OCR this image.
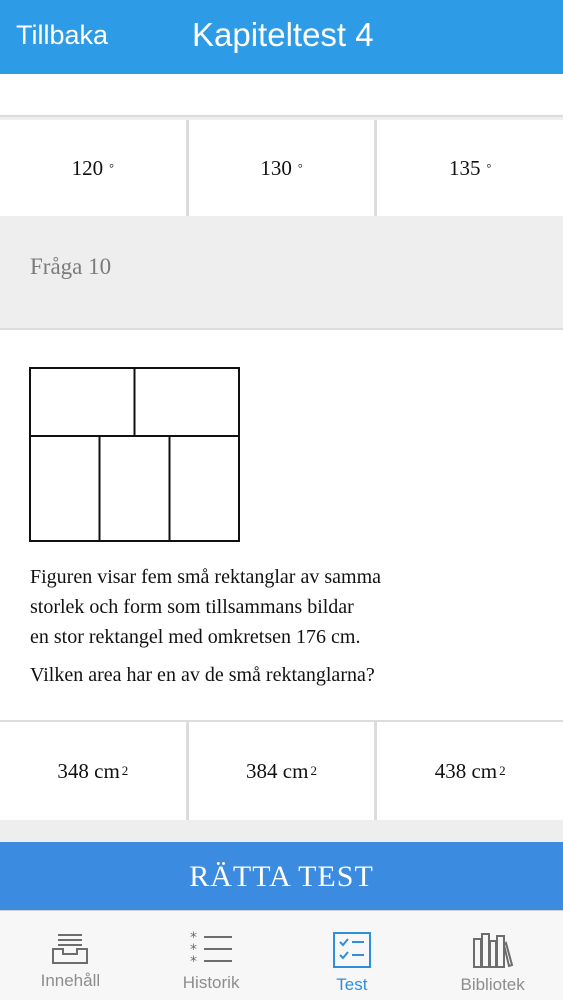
Tillbaka	Kapiteltest 4
120 °	130 °	135 °
Fråga 10

Figuren visar fem små rektanglar av samma

storlek och form som tillsammans bildar

en stor rektangel med omkretsen 176 cm.

Vilken area har en av de små rektanglarna?

348 cm 2	384 cm 2	438 cm 2
RÄTTA TEST
Innehåll
*
*
*
Historik	Test	Bibliotek
